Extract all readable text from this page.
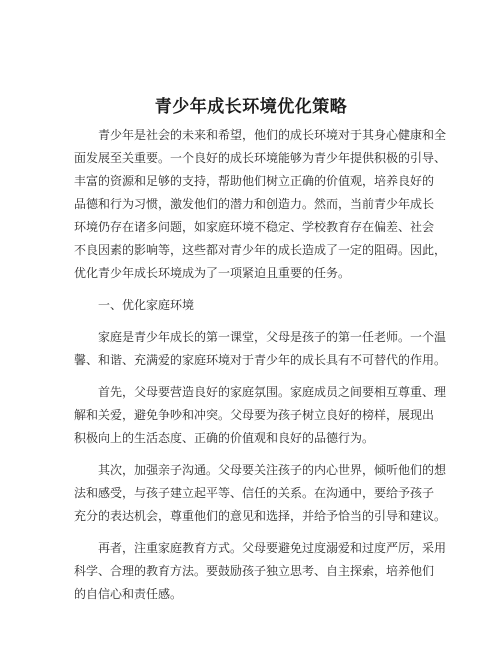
青少年成长环境优化策略

青少年是社会的未来和希望，他们的成长环境对于其身心健康和全
面发展至关重要。一个良好的成长环境能够为青少年提供积极的引导、
丰富的资源和足够的支持，帮助他们树立正确的价值观，培养良好的
品德和行为习惯，激发他们的潜力和创造力。然而，当前青少年成长
环境仍存在诸多问题，如家庭环境不稳定、学校教育存在偏差、社会
不良因素的影响等，这些都对青少年的成长造成了一定的阻碍。因此，
优化青少年成长环境成为了一项紧迫且重要的任务。

一、优化家庭环境

家庭是青少年成长的第一课堂，父母是孩子的第一任老师。一个温
馨、和谐、充满爱的家庭环境对于青少年的成长具有不可替代的作用。

首先，父母要营造良好的家庭氛围。家庭成员之间要相互尊重、理
解和关爱，避免争吵和冲突。父母要为孩子树立良好的榜样，展现出
积极向上的生活态度、正确的价值观和良好的品德行为。

其次，加强亲子沟通。父母要关注孩子的内心世界，倾听他们的想
法和感受，与孩子建立起平等、信任的关系。在沟通中，要给予孩子
充分的表达机会，尊重他们的意见和选择，并给予恰当的引导和建议。

再者，注重家庭教育方式。父母要避免过度溺爱和过度严厉，采用
科学、合理的教育方法。要鼓励孩子独立思考、自主探索，培养他们
的自信心和责任感。
